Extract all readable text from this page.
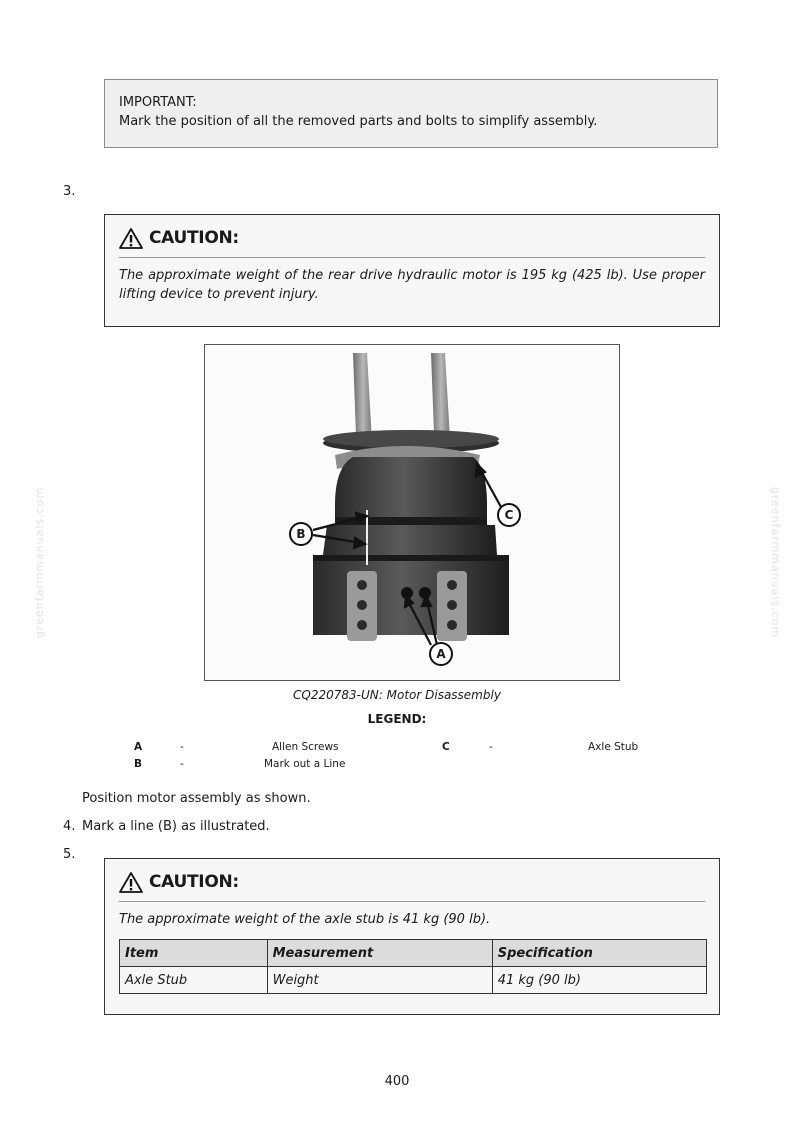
greenfarmmanuals.com	greenfarmmanuals.com
IMPORTANT:
Mark the position of all the removed parts and bolts to simplify assembly.
3.
CAUTION:
The approximate weight of the rear drive hydraulic motor is 195 kg (425 lb). Use proper lifting device to prevent injury.
A
B
C
CQ220783-UN: Motor Disassembly
LEGEND:
A	-	Allen Screws
B	-	Mark out a Line
C	-	Axle Stub
Position motor assembly as shown.
4. Mark a line (B) as illustrated.
5.
CAUTION:
The approximate weight of the axle stub is 41 kg (90 lb).
Item	Measurement	Specification
Axle Stub	Weight	41 kg (90 lb)
400
